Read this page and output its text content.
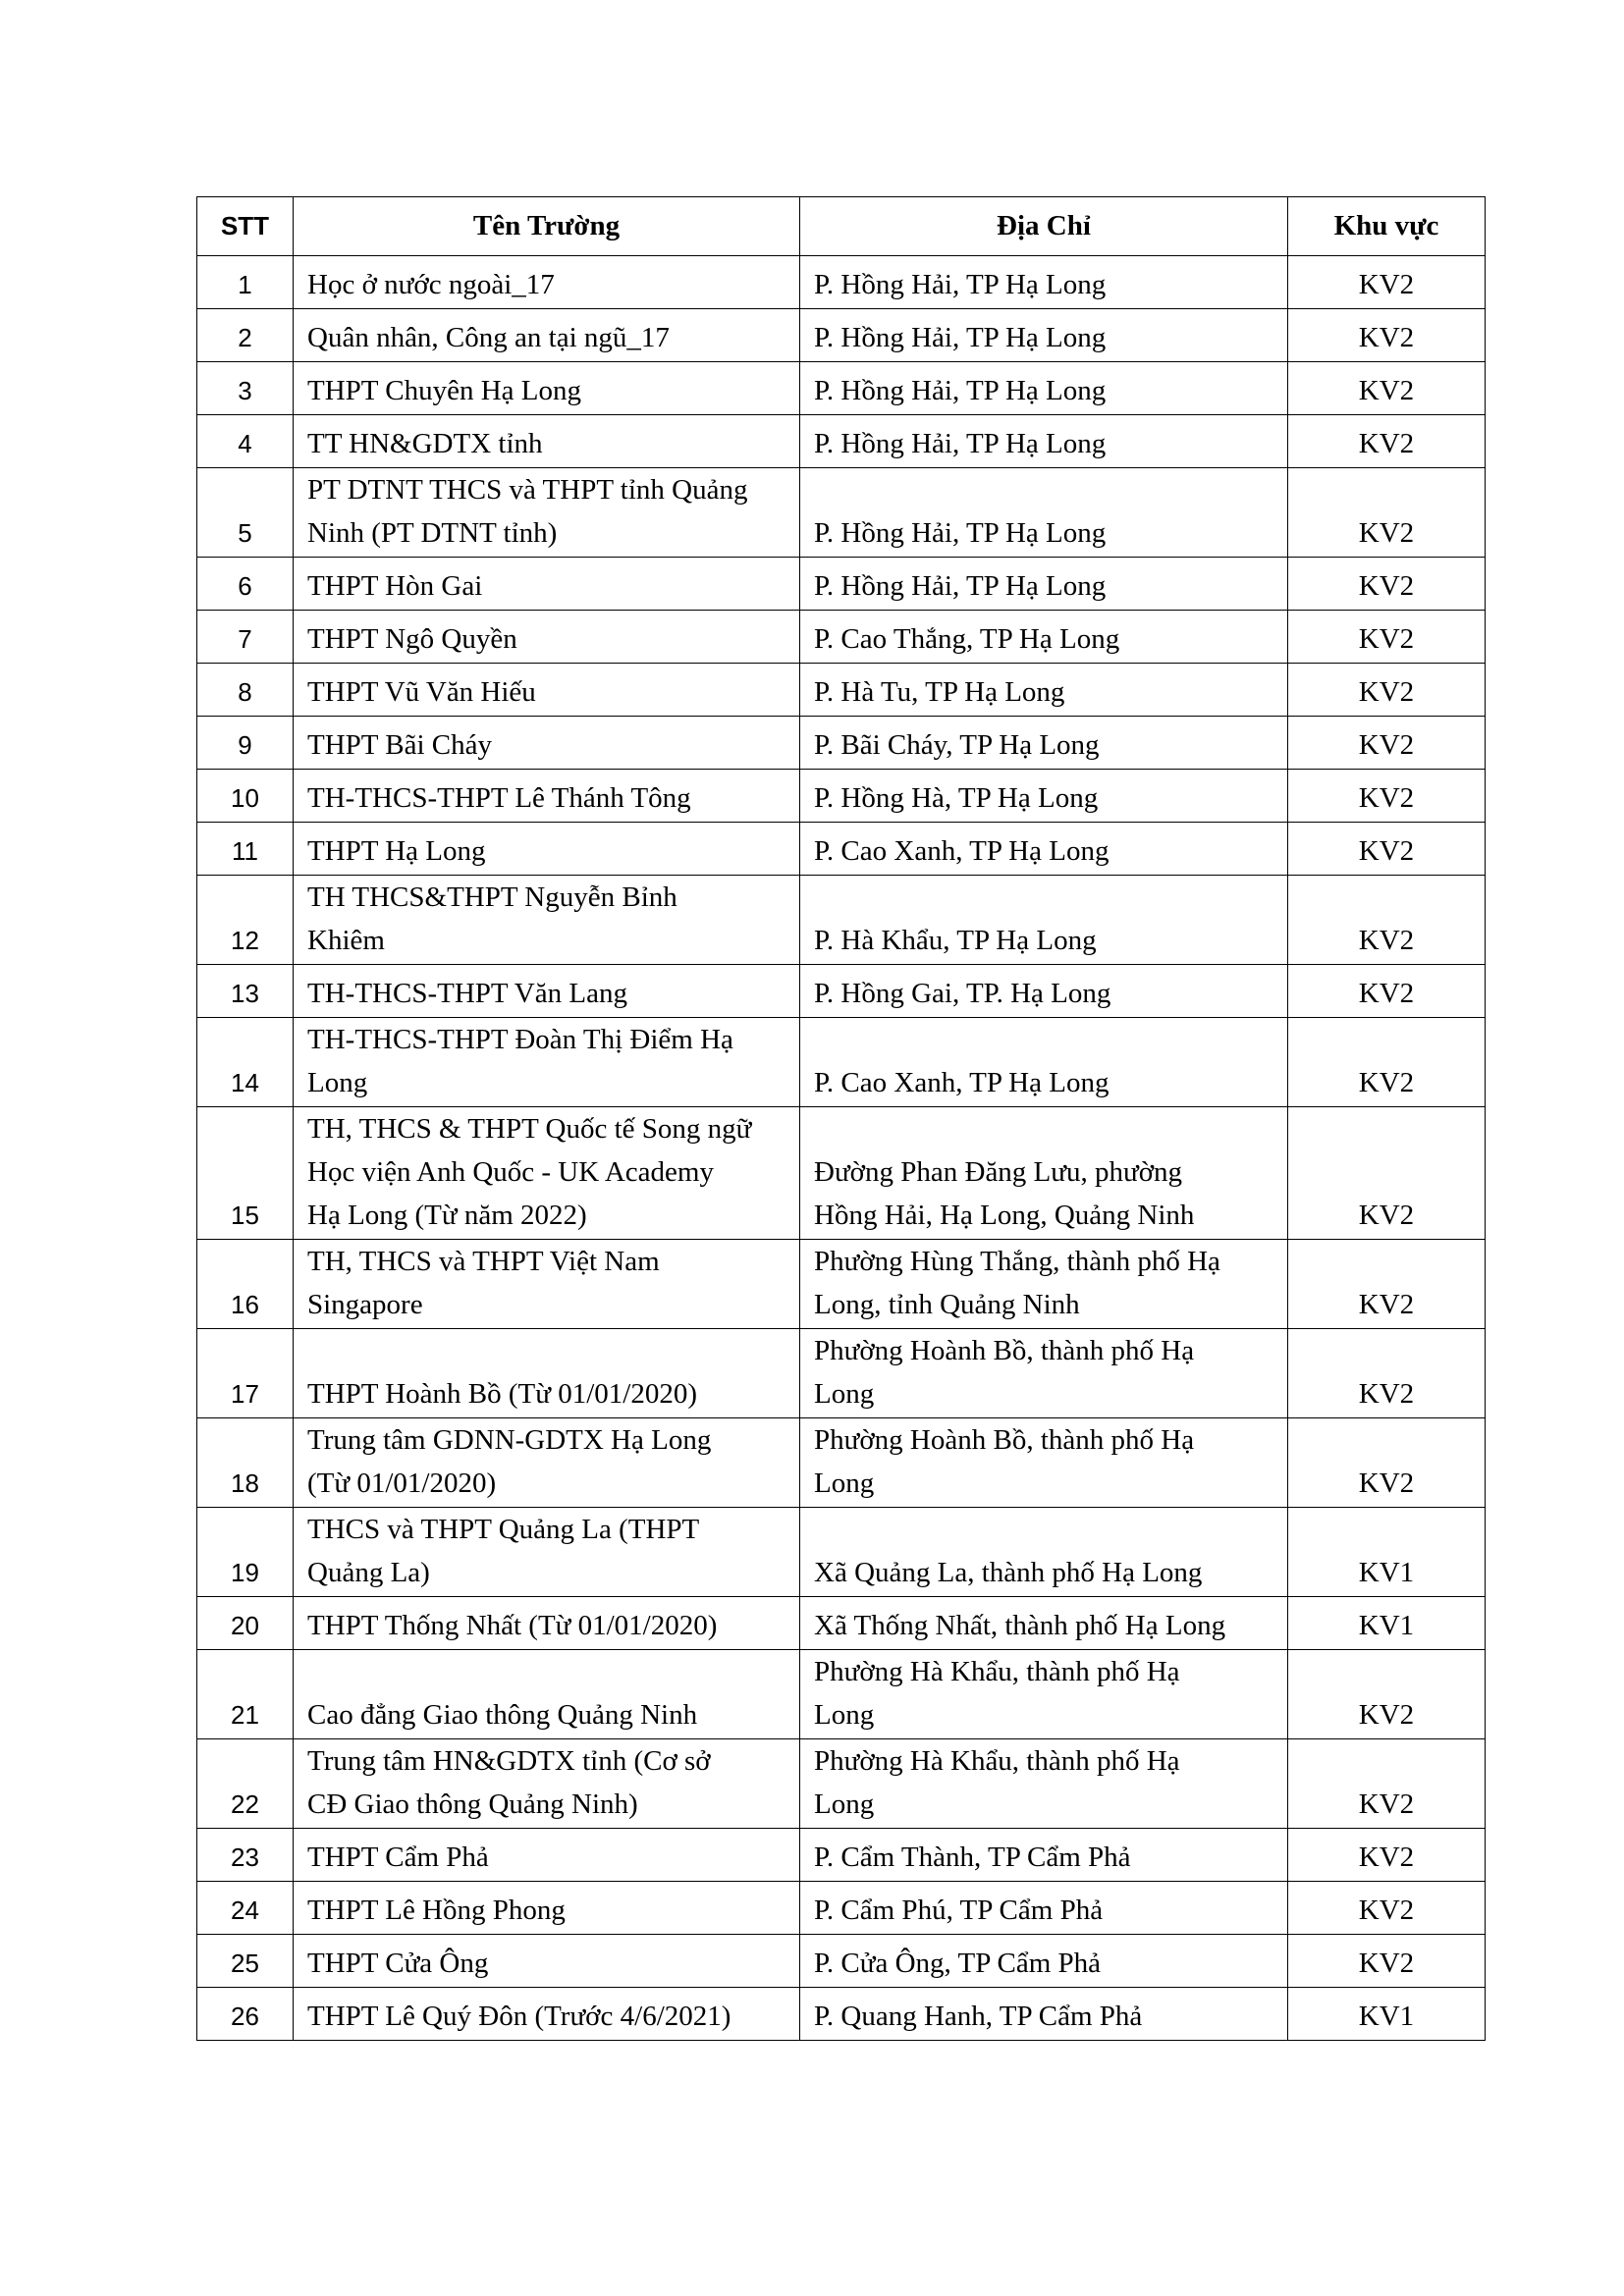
STT	Tên Trường	Địa Chỉ	Khu vực
1	Học ở nước ngoài_17	P. Hồng Hải, TP Hạ Long	KV2
2	Quân nhân, Công an tại ngũ_17	P. Hồng Hải, TP Hạ Long	KV2
3	THPT Chuyên Hạ Long	P. Hồng Hải, TP Hạ Long	KV2
4	TT HN&GDTX tỉnh	P. Hồng Hải, TP Hạ Long	KV2
5	PT DTNT THCS và THPT tỉnh Quảng
Ninh (PT DTNT tỉnh)	P. Hồng Hải, TP Hạ Long	KV2
6	THPT Hòn Gai	P. Hồng Hải, TP Hạ Long	KV2
7	THPT Ngô Quyền	P. Cao Thắng, TP Hạ Long	KV2
8	THPT Vũ Văn Hiếu	P. Hà Tu, TP Hạ Long	KV2
9	THPT Bãi Cháy	P. Bãi Cháy, TP Hạ Long	KV2
10	TH-THCS-THPT Lê Thánh Tông	P. Hồng Hà, TP Hạ Long	KV2
11	THPT Hạ Long	P. Cao Xanh, TP Hạ Long	KV2
12	TH THCS&THPT Nguyễn Bỉnh
Khiêm	P. Hà Khẩu, TP Hạ Long	KV2
13	TH-THCS-THPT Văn Lang	P. Hồng Gai, TP. Hạ Long	KV2
14	TH-THCS-THPT Đoàn Thị Điểm Hạ
Long	P. Cao Xanh, TP Hạ Long	KV2
15	TH, THCS & THPT Quốc tế Song ngữ
Học viện Anh Quốc - UK Academy
Hạ Long (Từ năm 2022)	Đường Phan Đăng Lưu, phường
Hồng Hải, Hạ Long, Quảng Ninh	KV2
16	TH, THCS và THPT Việt Nam
Singapore	Phường Hùng Thắng, thành phố Hạ
Long, tỉnh Quảng Ninh	KV2
17	THPT Hoành Bồ (Từ 01/01/2020)	Phường Hoành Bồ, thành phố Hạ
Long	KV2
18	Trung tâm GDNN-GDTX Hạ Long
(Từ 01/01/2020)	Phường Hoành Bồ, thành phố Hạ
Long	KV2
19	THCS và THPT Quảng La (THPT
Quảng La)	Xã Quảng La, thành phố Hạ Long	KV1
20	THPT Thống Nhất (Từ 01/01/2020)	Xã Thống Nhất, thành phố Hạ Long	KV1
21	Cao đẳng Giao thông Quảng Ninh	Phường Hà Khẩu, thành phố Hạ
Long	KV2
22	Trung tâm HN&GDTX tỉnh (Cơ sở
CĐ Giao thông Quảng Ninh)	Phường Hà Khẩu, thành phố Hạ
Long	KV2
23	THPT Cẩm Phả	P. Cẩm Thành, TP Cẩm Phả	KV2
24	THPT Lê Hồng Phong	P. Cẩm Phú, TP Cẩm Phả	KV2
25	THPT Cửa Ông	P. Cửa Ông, TP Cẩm Phả	KV2
26	THPT Lê Quý Đôn (Trước 4/6/2021)	P. Quang Hanh, TP Cẩm Phả	KV1
